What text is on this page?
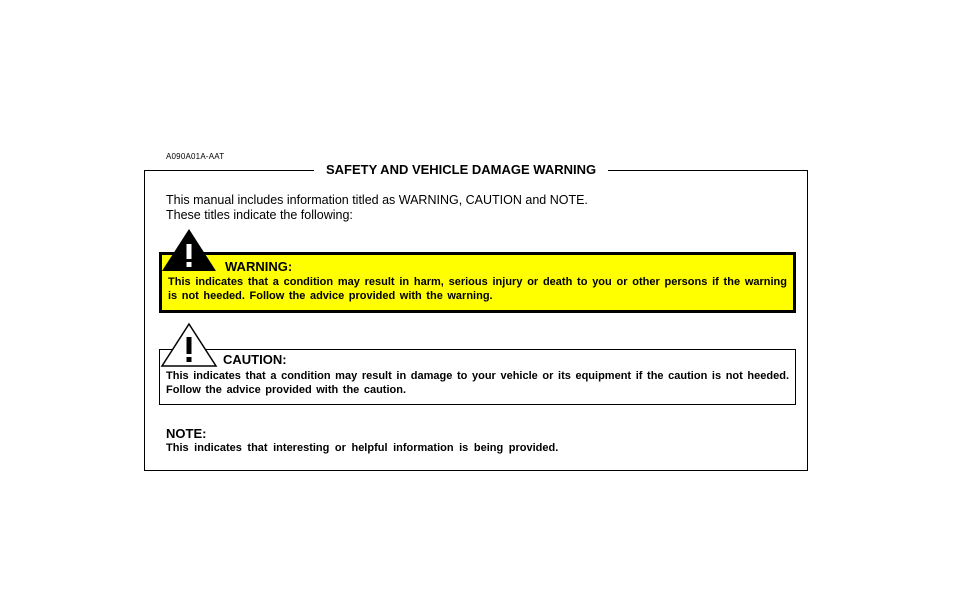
A090A01A-AAT
SAFETY AND VEHICLE DAMAGE WARNING
This manual includes information titled as WARNING, CAUTION and NOTE.
These titles indicate the following:
WARNING:
This indicates that a condition may result in harm, serious injury or death to you or other persons if the warning is not heeded. Follow the advice provided with the warning.
CAUTION:
This indicates that a condition may result in damage to your vehicle or its equipment if the caution is not heeded. Follow the advice provided with the caution.
NOTE:
This indicates that interesting or helpful information is being provided.
